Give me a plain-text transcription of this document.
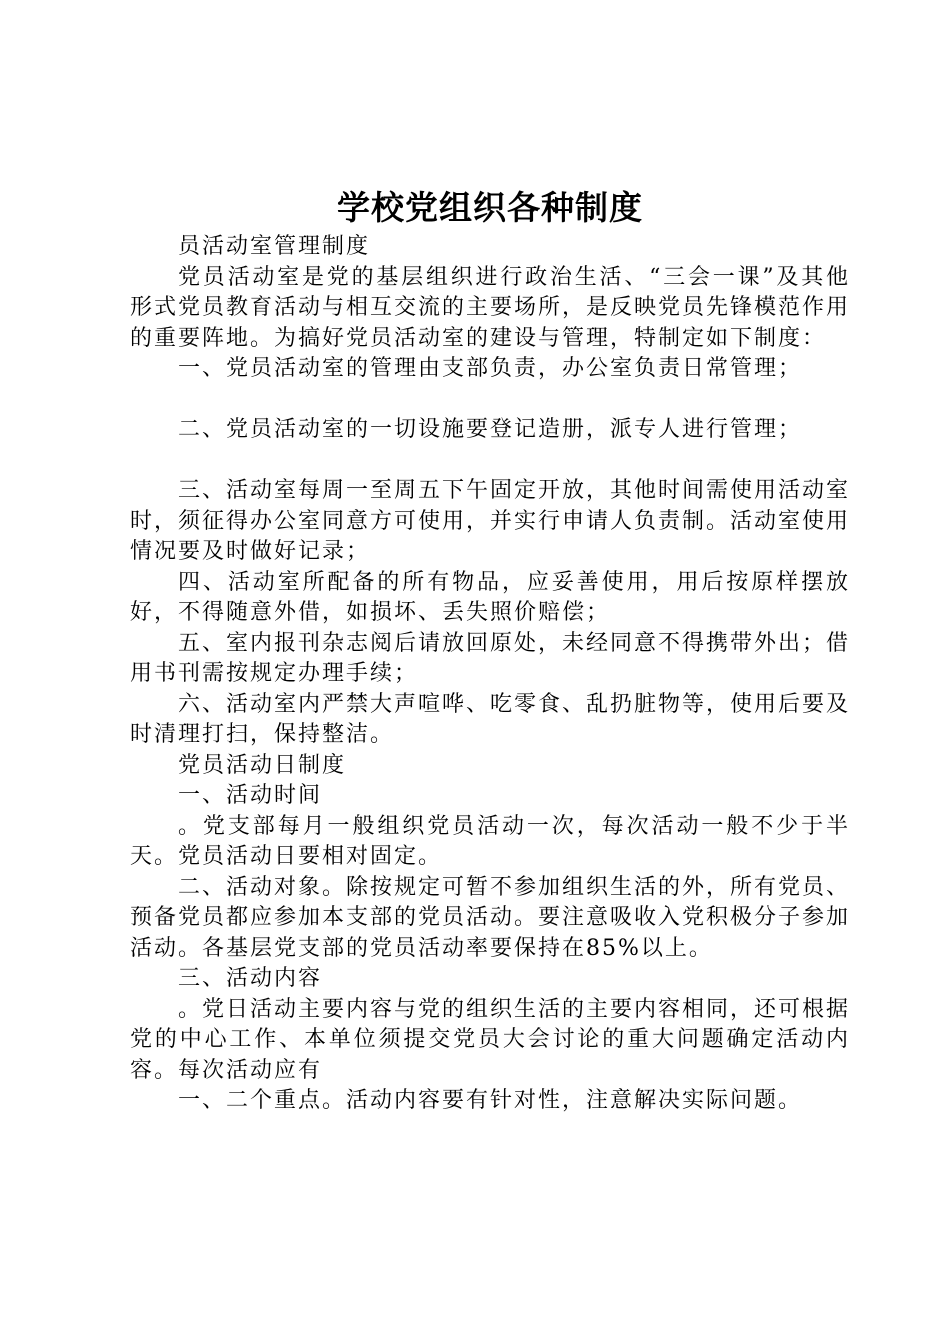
学校党组织各种制度

员活动室管理制度

党员活动室是党的基层组织进行政治生活、“三会一课”及其他形式党员教育活动与相互交流的主要场所，是反映党员先锋模范作用的重要阵地。为搞好党员活动室的建设与管理，特制定如下制度：

一、党员活动室的管理由支部负责，办公室负责日常管理；

二、党员活动室的一切设施要登记造册，派专人进行管理；

三、活动室每周一至周五下午固定开放，其他时间需使用活动室时，须征得办公室同意方可使用，并实行申请人负责制。活动室使用情况要及时做好记录；

四、活动室所配备的所有物品，应妥善使用，用后按原样摆放好，不得随意外借，如损坏、丢失照价赔偿；

五、室内报刊杂志阅后请放回原处，未经同意不得携带外出；借用书刊需按规定办理手续；

六、活动室内严禁大声喧哗、吃零食、乱扔脏物等，使用后要及时清理打扫，保持整洁。

党员活动日制度

一、活动时间

。党支部每月一般组织党员活动一次，每次活动一般不少于半天。党员活动日要相对固定。

二、活动对象。除按规定可暂不参加组织生活的外，所有党员、预备党员都应参加本支部的党员活动。要注意吸收入党积极分子参加活动。各基层党支部的党员活动率要保持在85%以上。

三、活动内容

。党日活动主要内容与党的组织生活的主要内容相同，还可根据党的中心工作、本单位须提交党员大会讨论的重大问题确定活动内容。每次活动应有

一、二个重点。活动内容要有针对性，注意解决实际问题。
